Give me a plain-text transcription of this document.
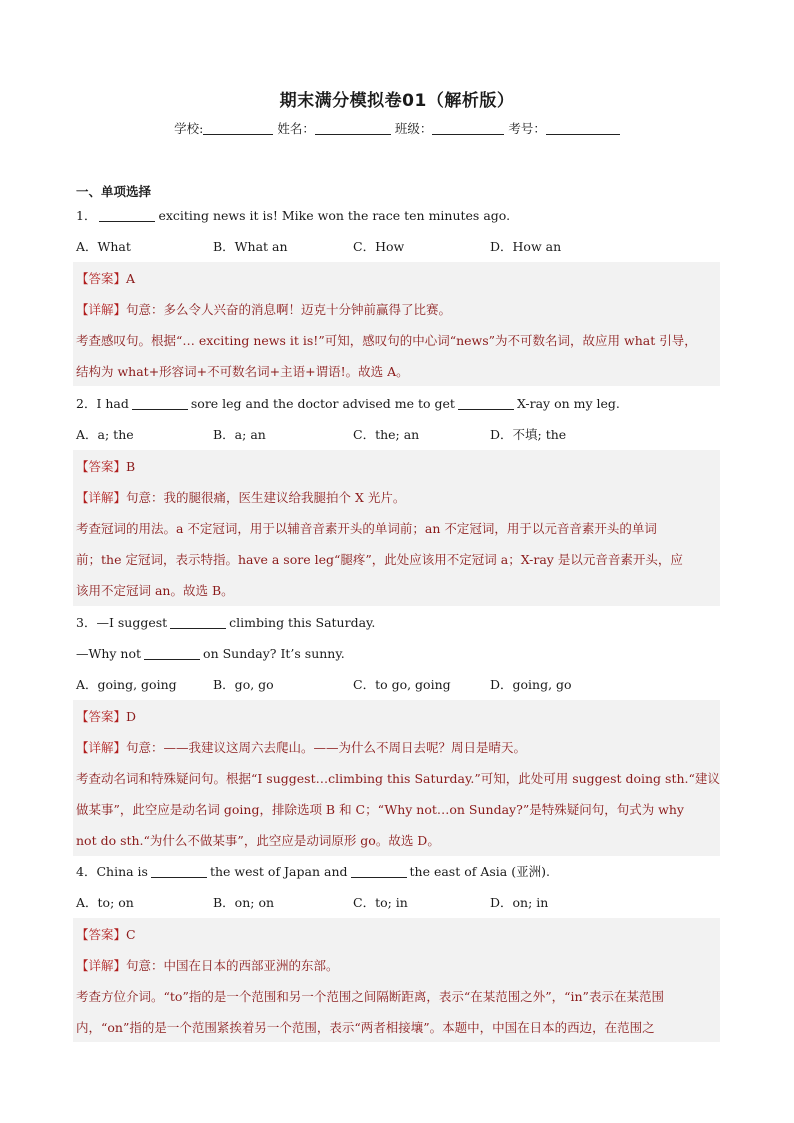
期末满分模拟卷01（解析版）
学校:	姓名：	班级：	考号：
一、单项选择
1．	exciting news it is! Mike won the race ten minutes ago.
A．What	B．What an	C．How	D．How an
【答案】A
【详解】句意：多么令人兴奋的消息啊！迈克十分钟前赢得了比赛。
考查感叹句。根据“… exciting news it is!”可知，感叹句的中心词“news”为不可数名词，故应用 what 引导，
结构为 what+形容词+不可数名词+主语+谓语!。故选 A。
2．I had	sore leg and the doctor advised me to get	X-ray on my leg.
A．a; the	B．a; an	C．the; an	D．不填; the
【答案】B
【详解】句意：我的腿很痛，医生建议给我腿拍个 X 光片。
考查冠词的用法。a 不定冠词，用于以辅音音素开头的单词前；an 不定冠词，用于以元音音素开头的单词
前；the 定冠词，表示特指。have a sore leg“腿疼”，此处应该用不定冠词 a；X-ray 是以元音音素开头，应
该用不定冠词 an。故选 B。
3．—I suggest	climbing this Saturday.
—Why not	on Sunday? It’s sunny.
A．going, going	B．go, go	C．to go, going	D．going, go
【答案】D
【详解】句意：——我建议这周六去爬山。——为什么不周日去呢？周日是晴天。
考查动名词和特殊疑问句。根据“I suggest…climbing this Saturday.”可知，此处可用 suggest doing sth.“建议
做某事”，此空应是动名词 going，排除选项 B 和 C；“Why not…on Sunday?”是特殊疑问句，句式为 why
not do sth.“为什么不做某事”，此空应是动词原形 go。故选 D。
4．China is	the west of Japan and	the east of Asia (亚洲).
A．to; on	B．on; on	C．to; in	D．on; in
【答案】C
【详解】句意：中国在日本的西部亚洲的东部。
考查方位介词。“to”指的是一个范围和另一个范围之间隔断距离，表示“在某范围之外”，“in”表示在某范围
内，“on”指的是一个范围紧挨着另一个范围，表示“两者相接壤”。本题中，中国在日本的西边，在范围之
